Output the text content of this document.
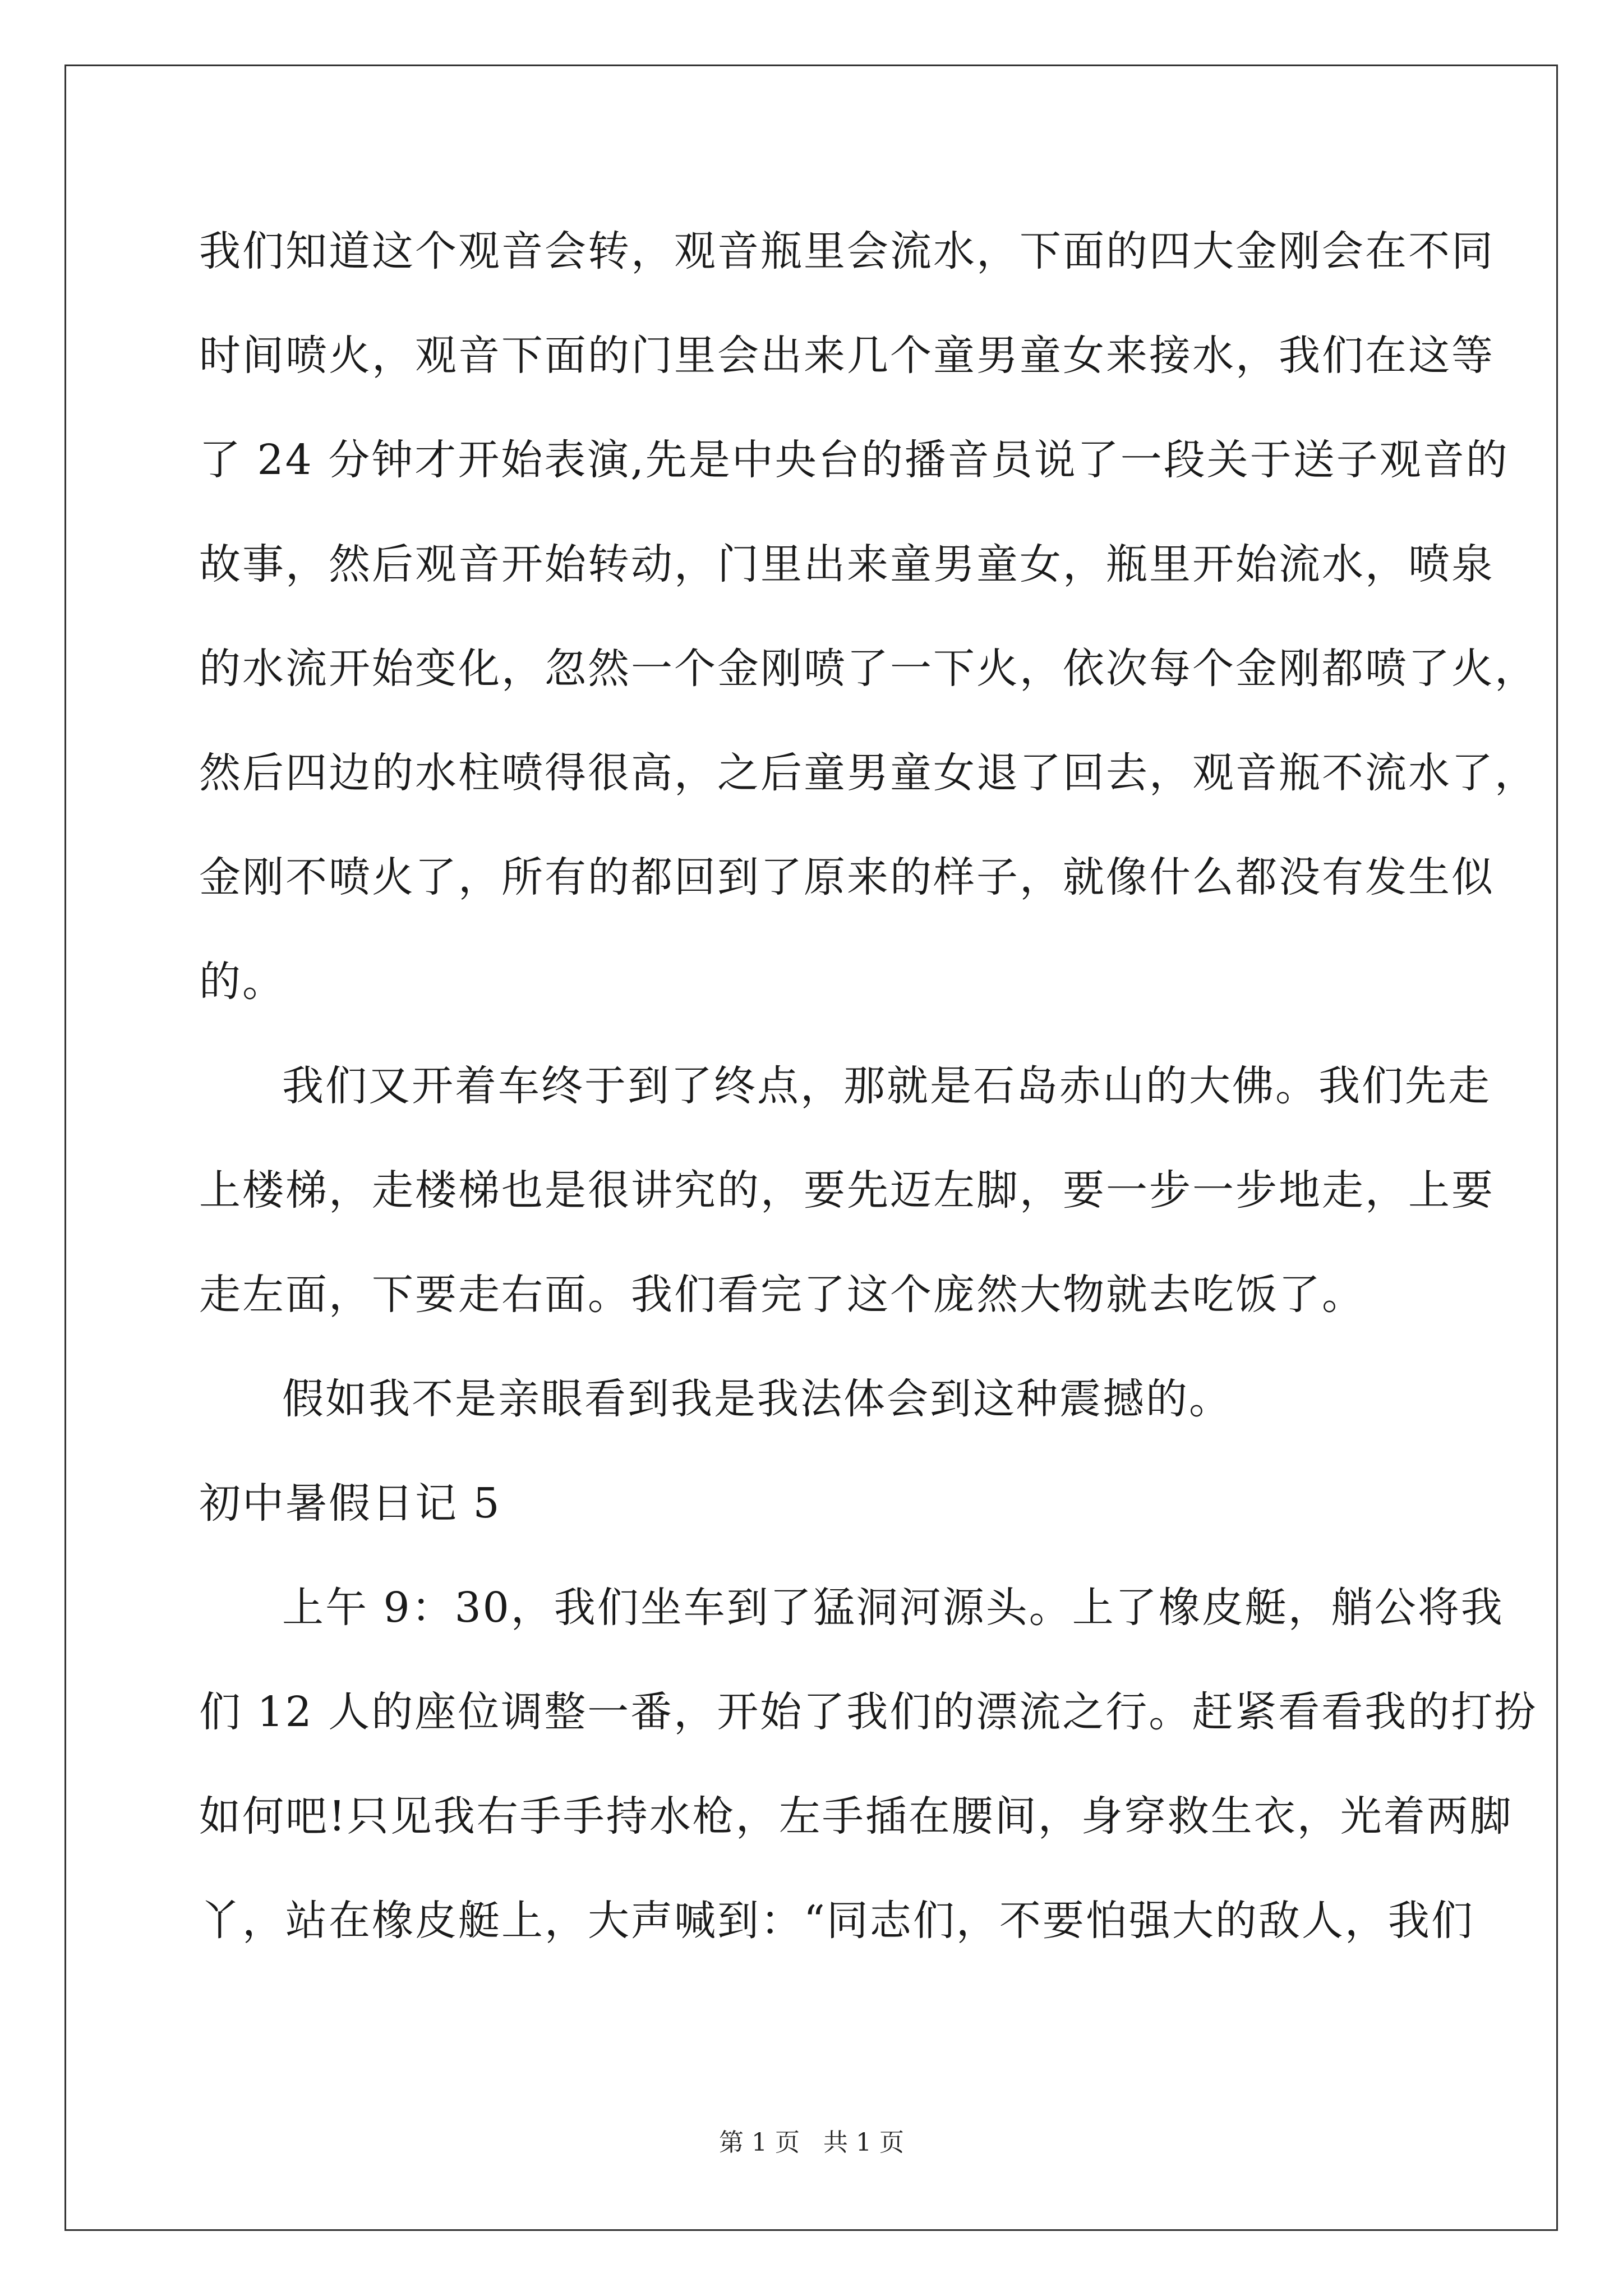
我们知道这个观音会转，观音瓶里会流水，下面的四大金刚会在不同
时间喷火，观音下面的门里会出来几个童男童女来接水，我们在这等
了 24 分钟才开始表演,先是中央台的播音员说了一段关于送子观音的
故事，然后观音开始转动，门里出来童男童女，瓶里开始流水，喷泉
的水流开始变化，忽然一个金刚喷了一下火，依次每个金刚都喷了火，
然后四边的水柱喷得很高，之后童男童女退了回去，观音瓶不流水了，
金刚不喷火了，所有的都回到了原来的样子，就像什么都没有发生似
的。
我们又开着车终于到了终点，那就是石岛赤山的大佛。我们先走
上楼梯，走楼梯也是很讲究的，要先迈左脚，要一步一步地走，上要
走左面，下要走右面。我们看完了这个庞然大物就去吃饭了。
假如我不是亲眼看到我是我法体会到这种震撼的。
初中暑假日记 5
上午 9：30，我们坐车到了猛洞河源头。上了橡皮艇，艄公将我
们 12 人的座位调整一番，开始了我们的漂流之行。赶紧看看我的打扮
如何吧!只见我右手手持水枪，左手插在腰间，身穿救生衣，光着两脚
丫，站在橡皮艇上，大声喊到：“同志们，不要怕强大的敌人，我们
第 1 页   共 1 页
